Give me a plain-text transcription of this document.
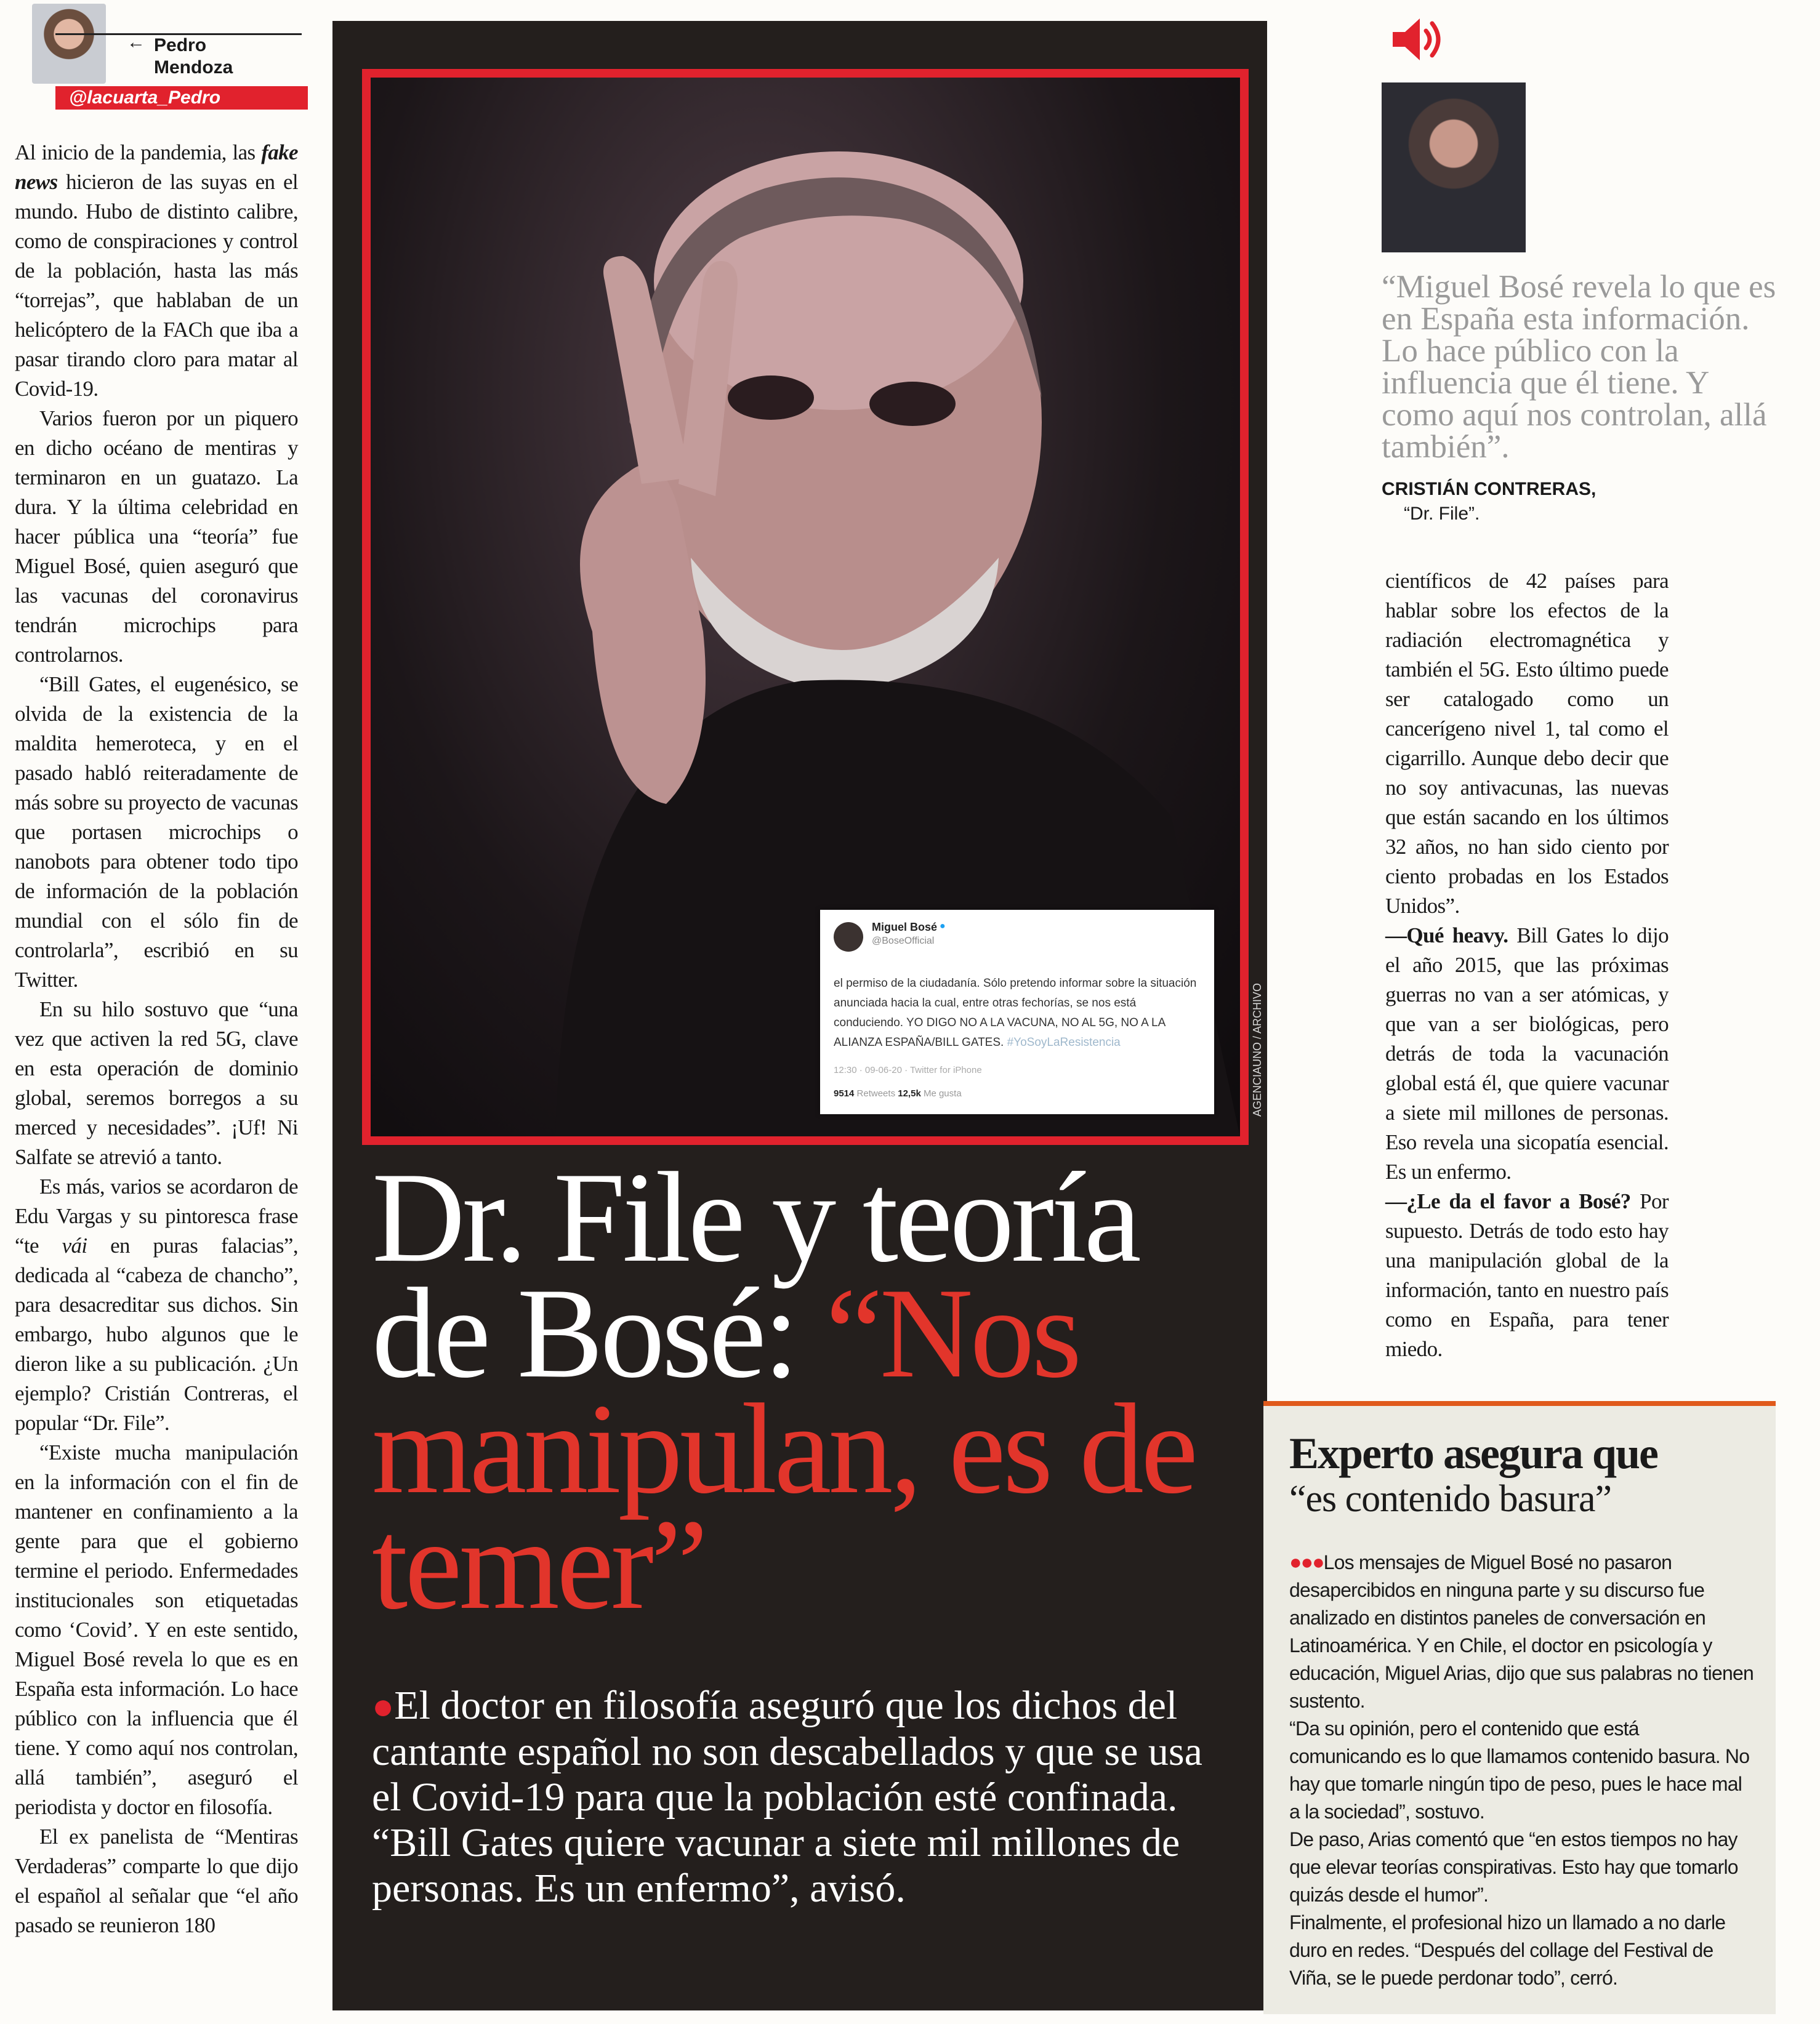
← Pedro
Mendoza
@lacuarta_Pedro

Al inicio de la pandemia, las fake news hicieron de las suyas en el mundo. Hubo de distinto calibre, como de conspiraciones y control de la población, hasta las más “torrejas”, que hablaban de un helicóptero de la FACh que iba a pasar tirando cloro para matar al Covid-19.

Varios fueron por un piquero en dicho océano de mentiras y terminaron en un guatazo. La dura. Y la última celebridad en hacer pública una “teoría” fue Miguel Bosé, quien aseguró que las vacunas del coronavirus tendrán microchips para controlarnos.

“Bill Gates, el eugenésico, se olvida de la existencia de la maldita hemeroteca, y en el pasado habló reiteradamente de más sobre su proyecto de vacunas que portasen microchips o nanobots para obtener todo tipo de información de la población mundial con el sólo fin de controlarla”, escribió en su Twitter.

En su hilo sostuvo que “una vez que activen la red 5G, clave en esta operación de dominio global, seremos borregos a su merced y necesidades”. ¡Uf! Ni Salfate se atrevió a tanto.

Es más, varios se acordaron de Edu Vargas y su pintoresca frase “te vái en puras falacias”, dedicada al “cabeza de chancho”, para desacreditar sus dichos. Sin embargo, hubo algunos que le dieron like a su publicación. ¿Un ejemplo? Cristián Contreras, el popular “Dr. File”.

“Existe mucha manipulación en la información con el fin de mantener en confinamiento a la gente para que el gobierno termine el periodo. Enfermedades institucionales son etiquetadas como ‘Covid’. Y en este sentido, Miguel Bosé revela lo que es en España esta información. Lo hace público con la influencia que él tiene. Y como aquí nos controlan, allá también”, aseguró el periodista y doctor en filosofía.

El ex panelista de “Mentiras Verdaderas” comparte lo que dijo el español al señalar que “el año pasado se reunieron 180

Miguel Bosé ●
@BoseOfficial
el permiso de la ciudadanía. Sólo pretendo informar sobre la situación anunciada hacia la cual, entre otras fechorías, se nos está conduciendo. YO DIGO NO A LA VACUNA, NO AL 5G, NO A LA ALIANZA ESPAÑA/BILL GATES. #YoSoyLaResistencia
12:30 · 09-06-20 · Twitter for iPhone
9514 Retweets 12,5k Me gusta	AGENCIAUNO / ARCHIVO
Dr. File y teoría
de Bosé: “Nos manipulan, es de temer”

●El doctor en filosofía aseguró que los dichos del cantante español no son descabellados y que se usa el Covid-19 para que la población esté confinada. “Bill Gates quiere vacunar a siete mil millones de personas. Es un enfermo”, avisó.

“Miguel Bosé revela lo que es en España esta información. Lo hace público con la influencia que él tiene. Y como aquí nos controlan, allá también”.
CRISTIÁN CONTRERAS,
“Dr. File”.

científicos de 42 países para hablar sobre los efectos de la radiación electromagnética y también el 5G. Esto último puede ser catalogado como un cancerígeno nivel 1, tal como el cigarrillo. Aunque debo decir que no soy antivacunas, las nuevas que están sacando en los últimos 32 años, no han sido ciento por ciento probadas en los Estados Unidos”.

—Qué heavy. Bill Gates lo dijo el año 2015, que las próximas guerras no van a ser atómicas, y que van a ser biológicas, pero detrás de toda la vacunación global está él, que quiere vacunar a siete mil millones de personas. Eso revela una sicopatía esencial. Es un enfermo.

—¿Le da el favor a Bosé? Por supuesto. Detrás de todo esto hay una manipulación global de la información, tanto en nuestro país como en España, para tener miedo.

Experto asegura que
“es contenido basura”

●●●Los mensajes de Miguel Bosé no pasaron desapercibidos en ninguna parte y su discurso fue analizado en distintos paneles de conversación en Latinoamérica. Y en Chile, el doctor en psicología y educación, Miguel Arias, dijo que sus palabras no tienen sustento.

“Da su opinión, pero el contenido que está comunicando es lo que llamamos contenido basura. No hay que tomarle ningún tipo de peso, pues le hace mal a la sociedad”, sostuvo.

De paso, Arias comentó que “en estos tiempos no hay que elevar teorías conspirativas. Esto hay que tomarlo quizás desde el humor”.

Finalmente, el profesional hizo un llamado a no darle duro en redes. “Después del collage del Festival de Viña, se le puede perdonar todo”, cerró.
